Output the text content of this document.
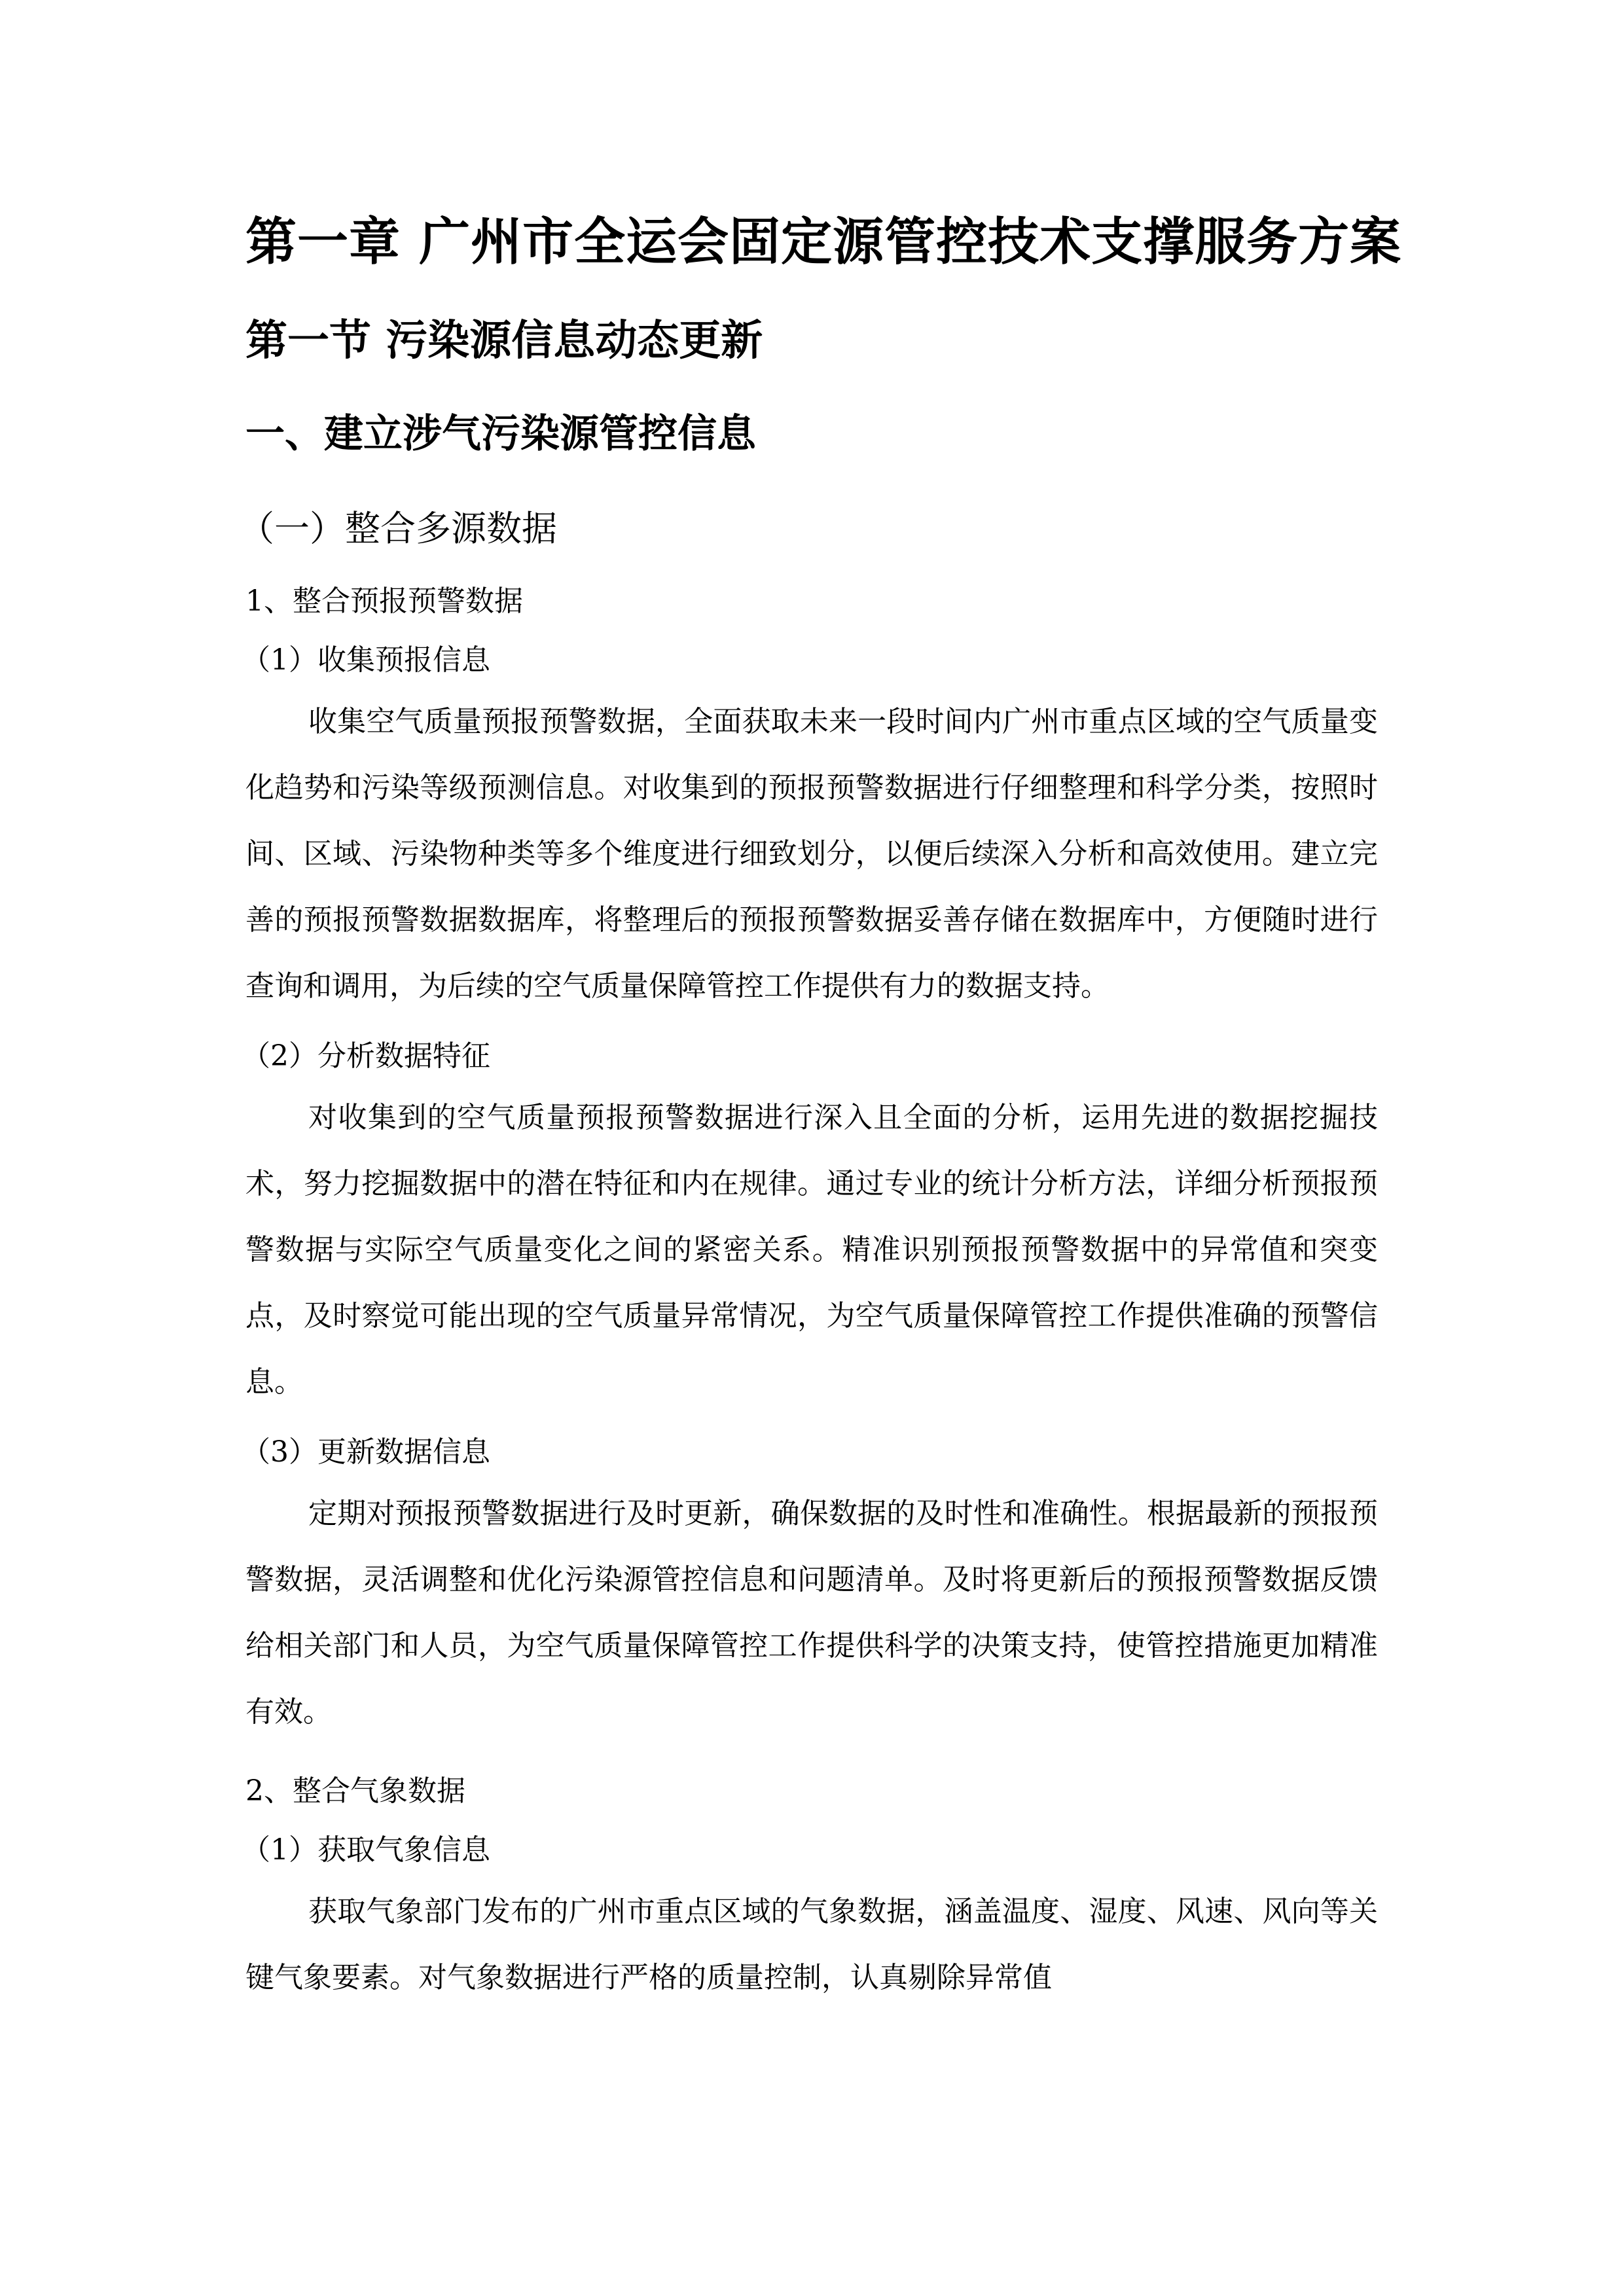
第一章 广州市全运会固定源管控技术支撑服务方案
第一节 污染源信息动态更新
一、建立涉气污染源管控信息
（一）整合多源数据
1、整合预报预警数据
（1）收集预报信息

收集空气质量预报预警数据，全面获取未来一段时间内广州市重点区域的空气质量变化趋势和污染等级预测信息。对收集到的预报预警数据进行仔细整理和科学分类，按照时间、区域、污染物种类等多个维度进行细致划分，以便后续深入分析和高效使用。建立完善的预报预警数据数据库，将整理后的预报预警数据妥善存储在数据库中，方便随时进行查询和调用，为后续的空气质量保障管控工作提供有力的数据支持。

（2）分析数据特征

对收集到的空气质量预报预警数据进行深入且全面的分析，运用先进的数据挖掘技术，努力挖掘数据中的潜在特征和内在规律。通过专业的统计分析方法，详细分析预报预警数据与实际空气质量变化之间的紧密关系。精准识别预报预警数据中的异常值和突变点，及时察觉可能出现的空气质量异常情况，为空气质量保障管控工作提供准确的预警信息。

（3）更新数据信息

定期对预报预警数据进行及时更新，确保数据的及时性和准确性。根据最新的预报预警数据，灵活调整和优化污染源管控信息和问题清单。及时将更新后的预报预警数据反馈给相关部门和人员，为空气质量保障管控工作提供科学的决策支持，使管控措施更加精准有效。

2、整合气象数据
（1）获取气象信息

获取气象部门发布的广州市重点区域的气象数据，涵盖温度、湿度、风速、风向等关键气象要素。对气象数据进行严格的质量控制，认真剔除异常值
